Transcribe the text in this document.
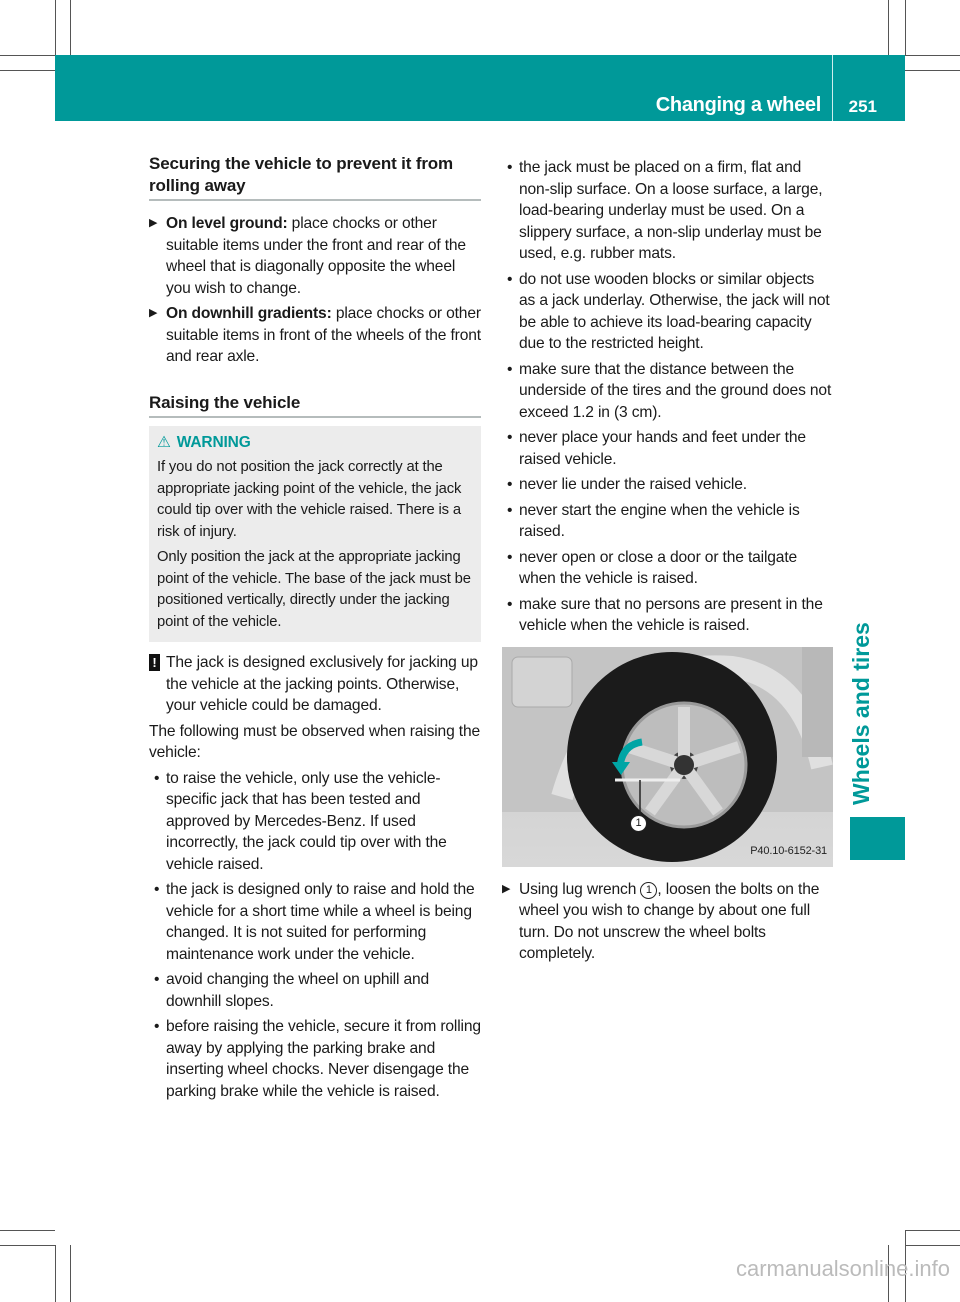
Changing a wheel 251
Wheels and tires
Securing the vehicle to prevent it from rolling away
▶ On level ground: place chocks or other suitable items under the front and rear of the wheel that is diagonally opposite the wheel you wish to change.
▶ On downhill gradients: place chocks or other suitable items in front of the wheels of the front and rear axle.
Raising the vehicle
⚠ WARNING

If you do not position the jack correctly at the appropriate jacking point of the vehicle, the jack could tip over with the vehicle raised. There is a risk of injury.

Only position the jack at the appropriate jacking point of the vehicle. The base of the jack must be positioned vertically, directly under the jacking point of the vehicle.

! The jack is designed exclusively for jacking up the vehicle at the jacking points. Otherwise, your vehicle could be damaged.

The following must be observed when raising the vehicle:

• to raise the vehicle, only use the vehicle-specific jack that has been tested and approved by Mercedes-Benz. If used incorrectly, the jack could tip over with the vehicle raised.
• the jack is designed only to raise and hold the vehicle for a short time while a wheel is being changed. It is not suited for performing maintenance work under the vehicle.
• avoid changing the wheel on uphill and downhill slopes.
• before raising the vehicle, secure it from rolling away by applying the parking brake and inserting wheel chocks. Never disengage the parking brake while the vehicle is raised.
• the jack must be placed on a firm, flat and non-slip surface. On a loose surface, a large, load-bearing underlay must be used. On a slippery surface, a non-slip underlay must be used, e.g. rubber mats.
• do not use wooden blocks or similar objects as a jack underlay. Otherwise, the jack will not be able to achieve its load-bearing capacity due to the restricted height.
• make sure that the distance between the underside of the tires and the ground does not exceed 1.2 in (3 cm).
• never place your hands and feet under the raised vehicle.
• never lie under the raised vehicle.
• never start the engine when the vehicle is raised.
• never open or close a door or the tailgate when the vehicle is raised.
• make sure that no persons are present in the vehicle when the vehicle is raised.
1
P40.10-6152-31
▶ Using lug wrench 1 , loosen the bolts on the wheel you wish to change by about one full turn. Do not unscrew the wheel bolts completely.
carmanualsonline.info
